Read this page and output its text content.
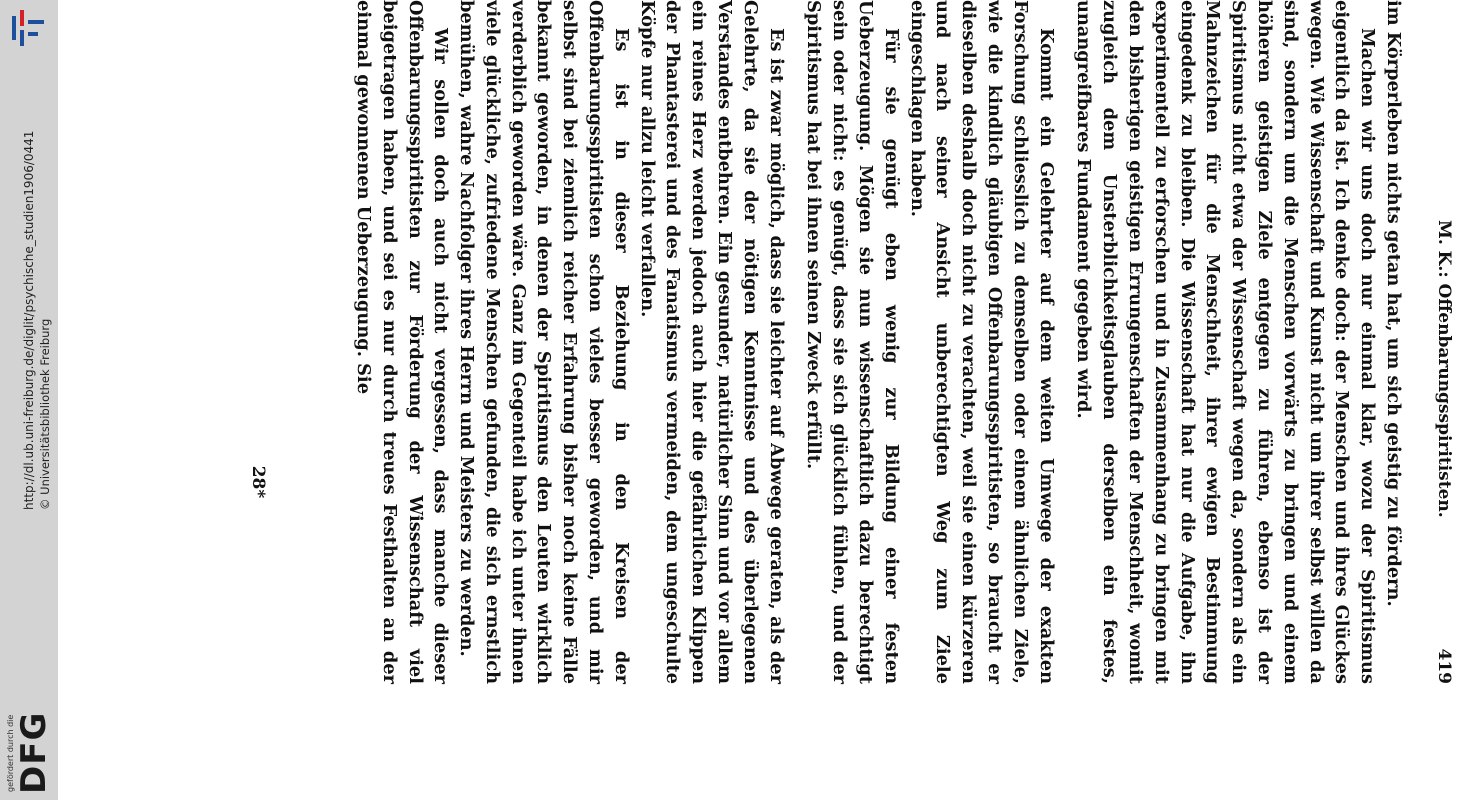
http://dl.ub.uni-freiburg.de/diglit/psychische_studien1906/0441 © Universitätsbibliothek Freiburg
gefördert durch die DFG
M. K.: Offenbarungsspiritisten.
419

im Körperleben nichts getan hat, um sich geistig zu fördern.

Machen wir uns doch nur einmal klar, wozu der Spiritismus eigentlich da ist. Ich denke doch: der Menschen und ihres Glückes wegen. Wie Wissenschaft und Kunst nicht um ihrer selbst willen da sind, sondern um die Menschen vorwärts zu bringen und einem höheren geistigen Ziele entgegen zu führen, ebenso ist der Spiritismus nicht etwa der Wissenschaft wegen da, sondern als ein Mahnzeichen für die Menschheit, ihrer ewigen Bestimmung eingedenk zu bleiben. Die Wissenschaft hat nur die Aufgabe, ihn experimentell zu erforschen und in Zusammenhang zu bringen mit den bisherigen geistigen Errungenschaften der Menschheit, womit zugleich dem Unsterblichkeitsglauben derselben ein festes, unangreifbares Fundament gegeben wird.

Kommt ein Gelehrter auf dem weiten Umwege der exakten Forschung schliesslich zu demselben oder einem ähnlichen Ziele, wie die kindlich gläubigen Offenbarungsspiritisten, so braucht er dieselben deshalb doch nicht zu verachten, weil sie einen kürzeren und nach seiner Ansicht unberechtigten Weg zum Ziele eingeschlagen haben.

Für sie genügt eben wenig zur Bildung einer festen Ueberzeugung. Mögen sie nun wissenschaftlich dazu berechtigt sein oder nicht: es genügt, dass sie sich glücklich fühlen, und der Spiritismus hat bei ihnen seinen Zweck erfüllt.

Es ist zwar möglich, dass sie leichter auf Abwege geraten, als der Gelehrte, da sie der nötigen Kenntnisse und des überlegenen Verstandes entbehren. Ein gesunder, natürlicher Sinn und vor allem ein reines Herz werden jedoch auch hier die gefährlichen Klippen der Phantasterei und des Fanatismus vermeiden, dem ungeschulte Köpfe nur allzu leicht verfallen.

Es ist in dieser Beziehung in den Kreisen der Offenbarungsspiritisten schon vieles besser geworden, und mir selbst sind bei ziemlich reicher Erfahrung bisher noch keine Fälle bekannt geworden, in denen der Spiritismus den Leuten wirklich verderblich geworden wäre. Ganz im Gegenteil habe ich unter ihnen viele glückliche, zufriedene Menschen gefunden, die sich ernstlich bemühen, wahre Nachfolger ihres Herrn und Meisters zu werden.

Wir sollen doch auch nicht vergessen, dass manche dieser Offenbarungsspiritisten zur Förderung der Wissenschaft viel beigetragen haben, und sei es nur durch treues Festhalten an der einmal gewonnenen Ueberzeugung. Sie

28*
